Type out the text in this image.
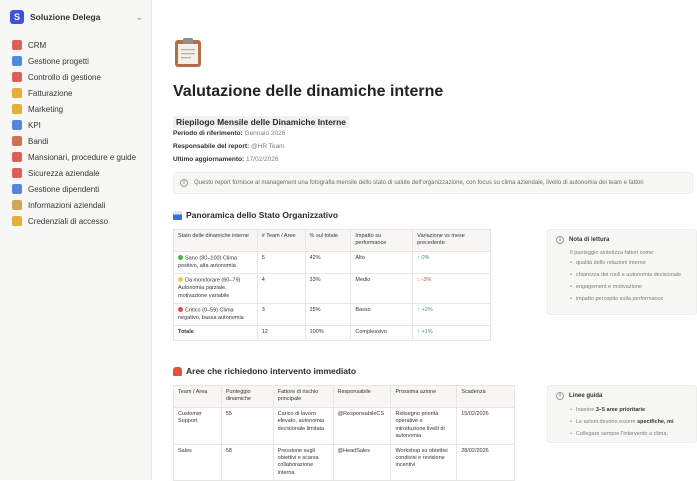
S	Soluzione Delega	⌄
CRM
Gestione progetti
Controllo di gestione
Fatturazione
Marketing
KPI
Bandi
Mansionari, procedure e guide
Sicurezza aziendale
Gestione dipendenti
Informazioni aziendali
Credenziali di accesso
Valutazione delle dinamiche interne
Riepilogo Mensile delle Dinamiche Interne
Periodo di riferimento: Gennaio 2026
Responsabile del report: @HR Team
Ultimo aggiornamento: 17/02/2026
i	Questo report fornisce al management una fotografia mensile dello stato di salute dell’organizzazione, con focus su clima aziendale, livello di autonomia dei team e fattori
Panoramica dello Stato Organizzativo
Stato delle dinamiche interne	# Team / Aree	% sul totale	Impatto su performance	Variazione vs mese precedente
Sano (80–100) Clima positivo, alta autonomia	5	42%	Alto	↑ 0%
Da monitorare (60–79) Autonomia parziale, motivazione variabile	4	33%	Medio	↓ -3%
Critico (0–59) Clima negativo, bassa autonomia	3	25%	Basso	↑ +2%
Totale	12	100%	Complessivo	↑ +1%
i	Nota di lettura
Il punteggio sintetizza fattori come:
• qualità delle relazioni interne
• chiarezza dei ruoli e autonomia decisionale
• engagement e motivazione
• impatto percepito sulla performance
Aree che richiedono intervento immediato
Team / Area	Punteggio dinamiche	Fattore di rischio principale	Responsabile	Prossima azione	Scadenza
Customer Support	55	Carico di lavoro elevato, autonomia decisionale limitata	@ResponsabileCS	Ridisegno priorità operative e introduzione livelli di autonomia	15/02/2026
Sales	58	Pressione sugli obiettivi e scarsa collaborazione interna	@HeadSales	Workshop su obiettivi condivisi e revisione incentivi	28/02/2026
i	Linee guida
• Inserire 3–5 aree prioritarie
• Le azioni devono essere specifiche, mi
• Collegare sempre l’intervento a clima,
